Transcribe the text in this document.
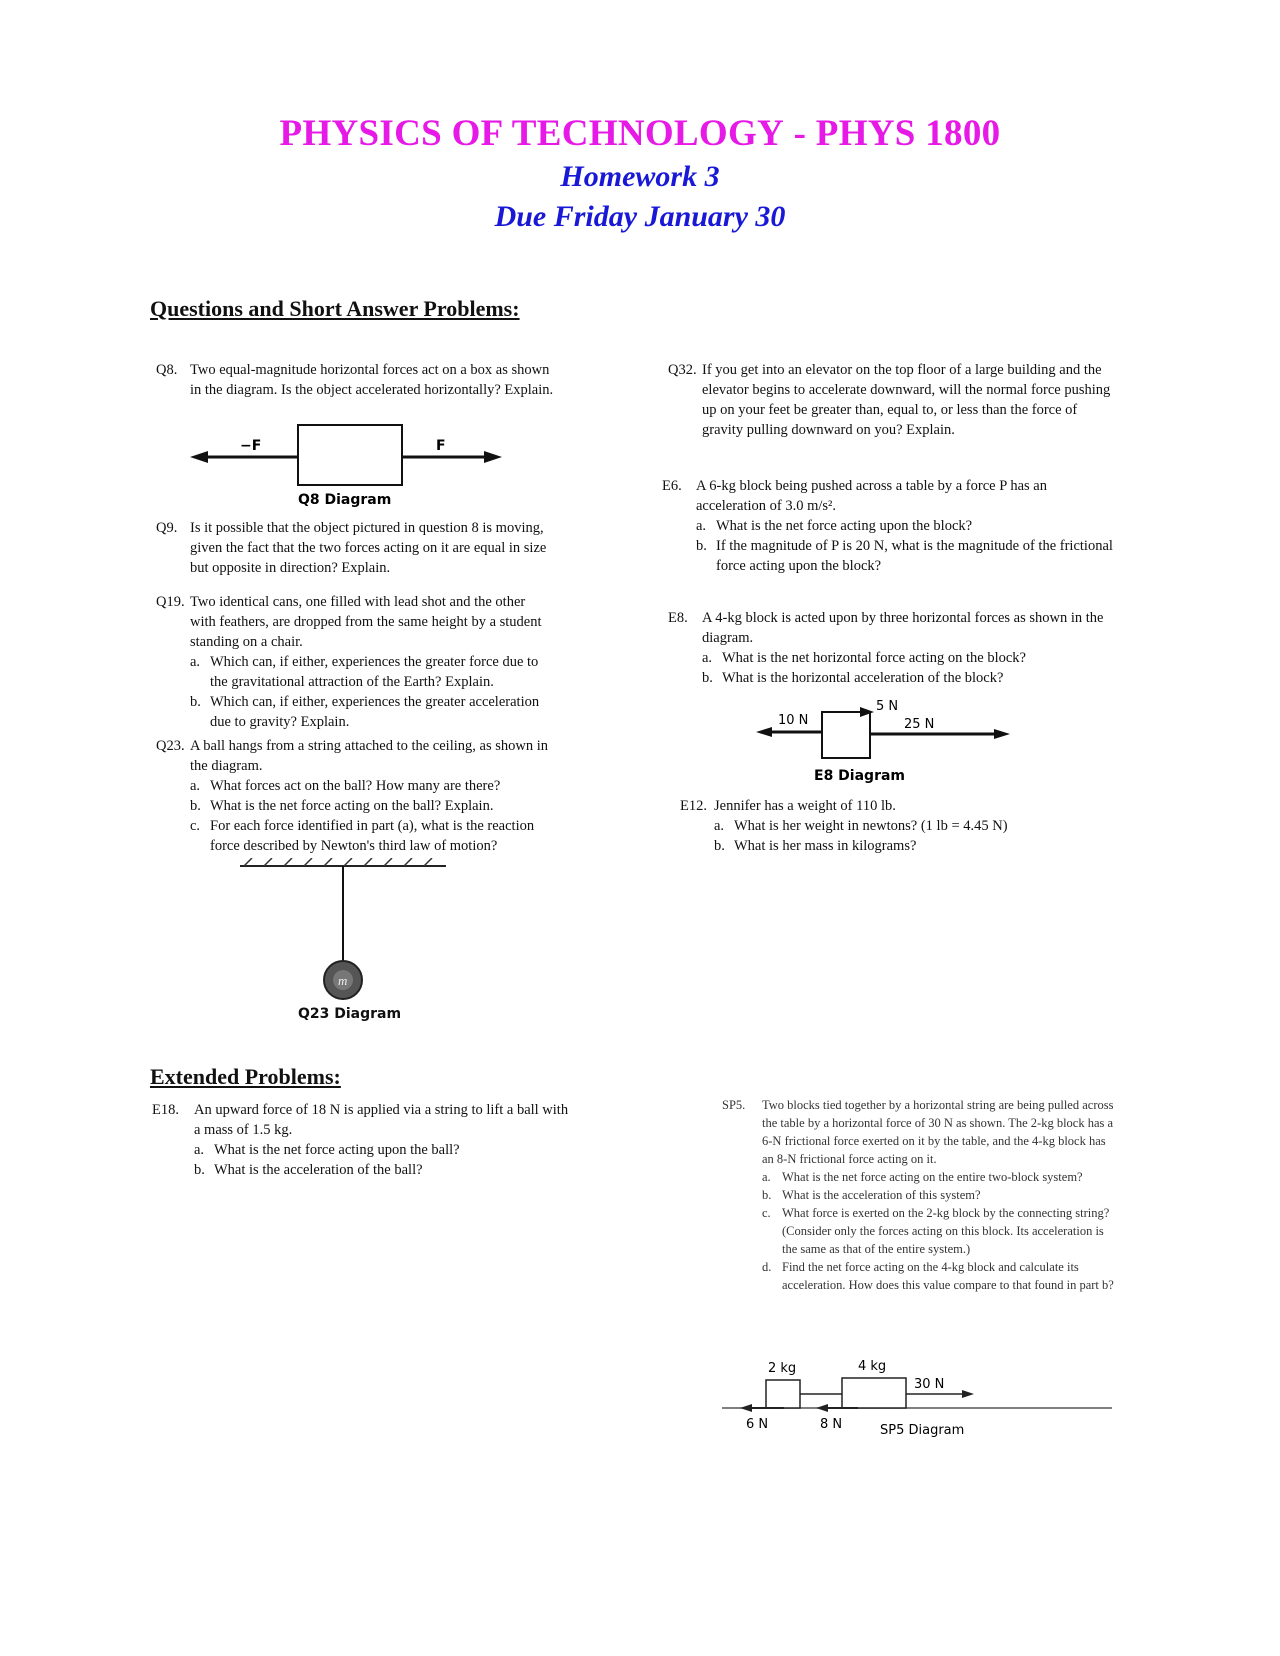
PHYSICS OF TECHNOLOGY - PHYS 1800
Homework 3
Due Friday January 30
Questions and Short Answer Problems:
Q8. Two equal-magnitude horizontal forces act on a box as shown in the diagram. Is the object accelerated horizontally? Explain.
−F	F
Q8 Diagram
Q9. Is it possible that the object pictured in question 8 is moving, given the fact that the two forces acting on it are equal in size but opposite in direction? Explain.
Q19. Two identical cans, one filled with lead shot and the other with feathers, are dropped from the same height by a student standing on a chair.
a. Which can, if either, experiences the greater force due to the gravitational attraction of the Earth? Explain.
b. Which can, if either, experiences the greater acceleration due to gravity? Explain.
Q23. A ball hangs from a string attached to the ceiling, as shown in the diagram.
a. What forces act on the ball? How many are there?
b. What is the net force acting on the ball? Explain.
c. For each force identified in part (a), what is the reaction force described by Newton's third law of motion?
m
Q23 Diagram
Q32. If you get into an elevator on the top floor of a large building and the elevator begins to accelerate downward, will the normal force pushing up on your feet be greater than, equal to, or less than the force of gravity pulling downward on you? Explain.
E6. A 6-kg block being pushed across a table by a force P has an acceleration of 3.0 m/s².
a. What is the net force acting upon the block?
b. If the magnitude of P is 20 N, what is the magnitude of the frictional force acting upon the block?
E8. A 4-kg block is acted upon by three horizontal forces as shown in the diagram.
a. What is the net horizontal force acting on the block?
b. What is the horizontal acceleration of the block?
10 N
5 N
25 N
E8 Diagram
E12. Jennifer has a weight of 110 lb.
a. What is her weight in newtons? (1 lb = 4.45 N)
b. What is her mass in kilograms?
Extended Problems:
E18. An upward force of 18 N is applied via a string to lift a ball with a mass of 1.5 kg.
a. What is the net force acting upon the ball?
b. What is the acceleration of the ball?
SP5. Two blocks tied together by a horizontal string are being pulled across the table by a horizontal force of 30 N as shown. The 2-kg block has a 6-N frictional force exerted on it by the table, and the 4-kg block has an 8-N frictional force acting on it.
a. What is the net force acting on the entire two-block system?
b. What is the acceleration of this system?
c. What force is exerted on the 2-kg block by the connecting string? (Consider only the forces acting on this block. Its acceleration is the same as that of the entire system.)
d. Find the net force acting on the 4-kg block and calculate its acceleration. How does this value compare to that found in part b?
2 kg	4 kg
30 N
6 N	8 N	SP5 Diagram
